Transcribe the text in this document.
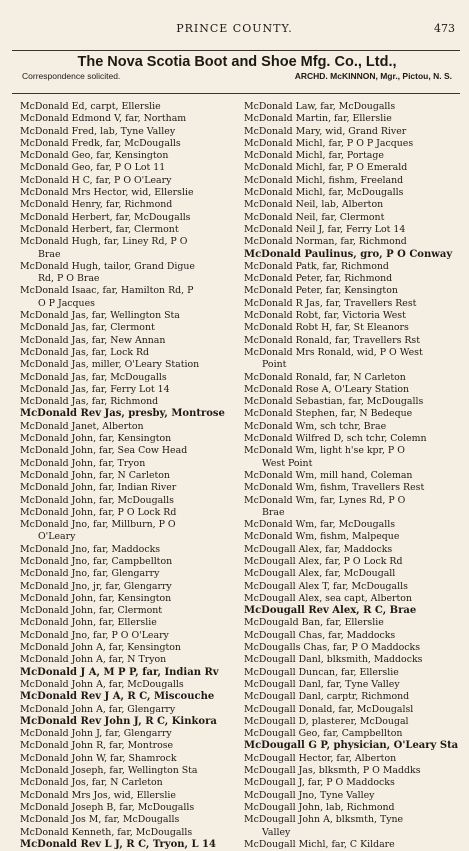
PRINCE COUNTY.	473
The Nova Scotia Boot and Shoe Mfg. Co., Ltd.,
Correspondence solicited.	ARCHD. McKINNON, Mgr., Pictou, N. S.
McDonald Ed, carpt, Ellerslie
McDonald Edmond V, far, Northam
McDonald Fred, lab, Tyne Valley
McDonald Fredk, far, McDougalls
McDonald Geo, far, Kensington
McDonald Geo, far, P O Lot 11
McDonald H C, far, P O O'Leary
McDonald Mrs Hector, wid, Ellerslie
McDonald Henry, far, Richmond
McDonald Herbert, far, McDougalls
McDonald Herbert, far, Clermont
McDonald Hugh, far, Liney Rd, P O
Brae
McDonald Hugh, tailor, Grand Digue
Rd, P O Brae
McDonald Isaac, far, Hamilton Rd, P
O P Jacques
McDonald Jas, far, Wellington Sta
McDonald Jas, far, Clermont
McDonald Jas, far, New Annan
McDonald Jas, far, Lock Rd
McDonald Jas, miller, O'Leary Station
McDonald Jas, far, McDougalls
McDonald Jas, far, Ferry Lot 14
McDonald Jas, far, Richmond
McDonald Rev Jas, presby, Montrose
McDonald Janet, Alberton
McDonald John, far, Kensington
McDonald John, far, Sea Cow Head
McDonald John, far, Tryon
McDonald John, far, N Carleton
McDonald John, far, Indian River
McDonald John, far, McDougalls
McDonald John, far, P O Lock Rd
McDonald Jno, far, Millburn, P O
O'Leary
McDonald Jno, far, Maddocks
McDonald Jno, far, Campbellton
McDonald Jno, far, Glengarry
McDonald Jno, jr, far, Glengarry
McDonald John, far, Kensington
McDonald John, far, Clermont
McDonald John, far, Ellerslie
McDonald Jno, far, P O O'Leary
McDonald John A, far, Kensington
McDonald John A, far, N Tryon
McDonald J A, M P P, far, Indian Rv
McDonald John A, far, McDougalls
McDonald Rev J A, R C, Miscouche
McDonald John A, far, Glengarry
McDonald Rev John J, R C, Kinkora
McDonald John J, far, Glengarry
McDonald John R, far, Montrose
McDonald John W, far, Shamrock
McDonald Joseph, far, Wellington Sta
McDonald Jos, far, N Carleton
McDonald Mrs Jos, wid, Ellerslie
McDonald Joseph B, far, McDougalls
McDonald Jos M, far, McDougalls
McDonald Kenneth, far, McDougalls
McDonald Rev L J, R C, Tryon, L 14
McDonald Law, far, McDougalls
McDonald Martin, far, Ellerslie
McDonald Mary, wid, Grand River
McDonald Michl, far, P O P Jacques
McDonald Michl, far, Portage
McDonald Michl, far, P O Emerald
McDonald Michl, fishm, Freeland
McDonald Michl, far, McDougalls
McDonald Neil, lab, Alberton
McDonald Neil, far, Clermont
McDonald Neil J, far, Ferry Lot 14
McDonald Norman, far, Richmond
McDonald Paulinus, gro, P O Conway
McDonald Patk, far, Richmond
McDonald Peter, far, Richmond
McDonald Peter, far, Kensington
McDonald R Jas, far, Travellers Rest
McDonald Robt, far, Victoria West
McDonald Robt H, far, St Eleanors
McDonald Ronald, far, Travellers Rst
McDonald Mrs Ronald, wid, P O West
Point
McDonald Ronald, far, N Carleton
McDonald Rose A, O'Leary Station
McDonald Sebastian, far, McDougalls
McDonald Stephen, far, N Bedeque
McDonald Wm, sch tchr, Brae
McDonald Wilfred D, sch tchr, Colemn
McDonald Wm, light h'se kpr, P O
West Point
McDonald Wm, mill hand, Coleman
McDonald Wm, fishm, Travellers Rest
McDonald Wm, far, Lynes Rd, P O
Brae
McDonald Wm, far, McDougalls
McDonald Wm, fishm, Malpeque
McDougall Alex, far, Maddocks
McDougall Alex, far, P O Lock Rd
McDougall Alex, far, McDougall
McDougall Alex T, far, McDougalls
McDougall Alex, sea capt, Alberton
McDougall Rev Alex, R C, Brae
McDougald Ban, far, Ellerslie
McDougall Chas, far, Maddocks
McDougalls Chas, far, P O Maddocks
McDougall Danl, blksmith, Maddocks
McDougall Duncan, far, Ellerslie
McDougall Danl, far, Tyne Valley
McDougall Danl, carptr, Richmond
McDougall Donald, far, McDougalsl
McDougall D, plasterer, McDougal
McDougall Geo, far, Campbellton
McDougall G P, physician, O'Leary Sta
McDougall Hector, far, Alberton
McDougall Jas, blksmth, P O Maddks
McDougall J, far, P O Maddocks
McDougall Jno, Tyne Valley
McDougall John, lab, Richmond
McDougall John A, blksmth, Tyne
Valley
McDougall Michl, far, C Kildare
